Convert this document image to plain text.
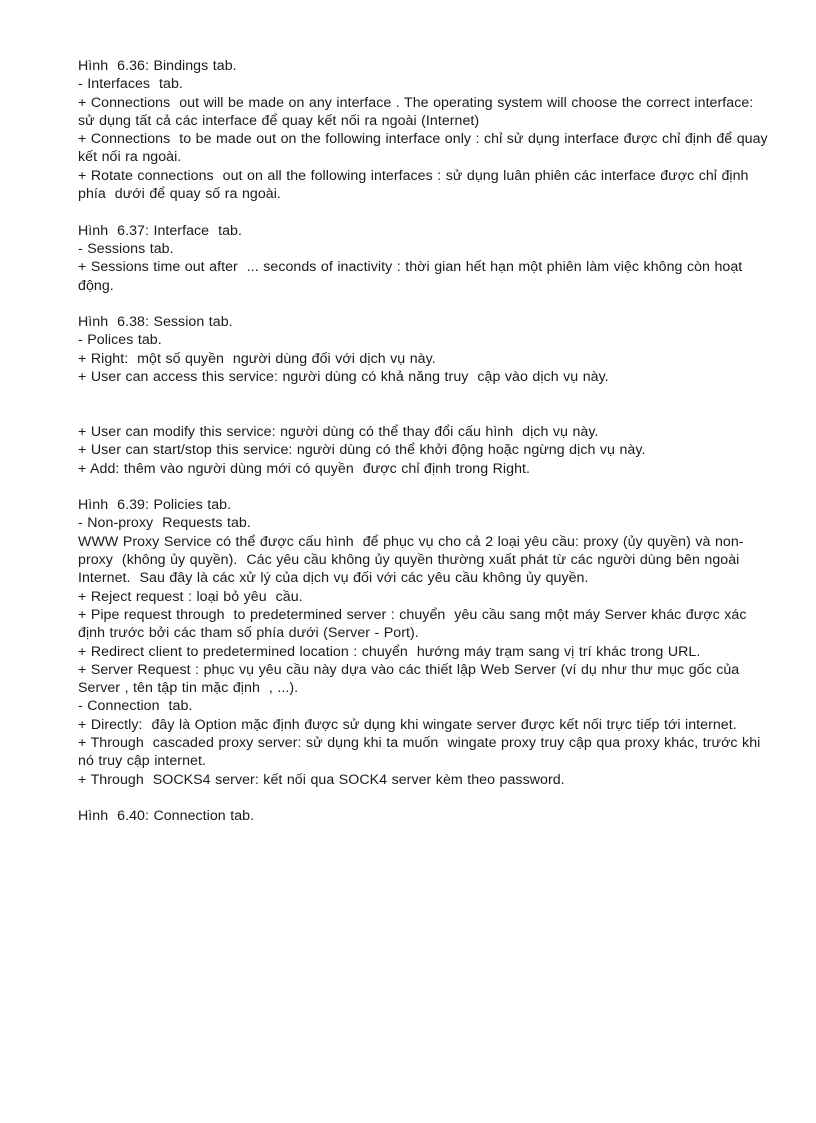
Hình  6.36: Bindings tab.
- Interfaces  tab.
+ Connections  out will be made on any interface . The operating system will choose the correct interface: sử dụng tất cả các interface để quay kết nối ra ngoài (Internet)
+ Connections  to be made out on the following interface only : chỉ sử dụng interface được chỉ định để quay kết nối ra ngoài.
+ Rotate connections  out on all the following interfaces : sử dụng luân phiên các interface được chỉ định phía  dưới để quay số ra ngoài.
Hình  6.37: Interface  tab.
- Sessions tab.
+ Sessions time out after  ... seconds of inactivity : thời gian hết hạn một phiên làm việc không còn hoạt động.
Hình  6.38: Session tab.
- Polices tab.
+ Right:  một số quyền  người dùng đối với dịch vụ này.
+ User can access this service: người dùng có khả năng truy  cập vào dịch vụ này.
+ User can modify this service: người dùng có thể thay đổi cấu hình  dịch vụ này.
+ User can start/stop this service: người dùng có thể khởi động hoặc ngừng dịch vụ này.
+ Add: thêm vào người dùng mới có quyền  được chỉ định trong Right.
Hình  6.39: Policies tab.
- Non-proxy  Requests tab.
WWW Proxy Service có thể được cấu hình  để phục vụ cho cả 2 loại yêu cầu: proxy (ủy quyền) và non-proxy  (không ủy quyền).  Các yêu cầu không ủy quyền thường xuất phát từ các người dùng bên ngoài Internet.  Sau đây là các xử lý của dịch vụ đối với các yêu cầu không ủy quyền.
+ Reject request : loại bỏ yêu  cầu.
+ Pipe request through  to predetermined server : chuyển  yêu cầu sang một máy Server khác được xác định trước bởi các tham số phía dưới (Server - Port).
+ Redirect client to predetermined location : chuyển  hướng máy trạm sang vị trí khác trong URL.
+ Server Request : phục vụ yêu cầu này dựa vào các thiết lập Web Server (ví dụ như thư mục gốc của Server , tên tập tin mặc định  , ...).
- Connection  tab.
+ Directly:  đây là Option mặc định được sử dụng khi wingate server được kết nối trực tiếp tới internet.
+ Through  cascaded proxy server: sử dụng khi ta muốn  wingate proxy truy cập qua proxy khác, trước khi nó truy cập internet.
+ Through  SOCKS4 server: kết nối qua SOCK4 server kèm theo password.
Hình  6.40: Connection tab.
